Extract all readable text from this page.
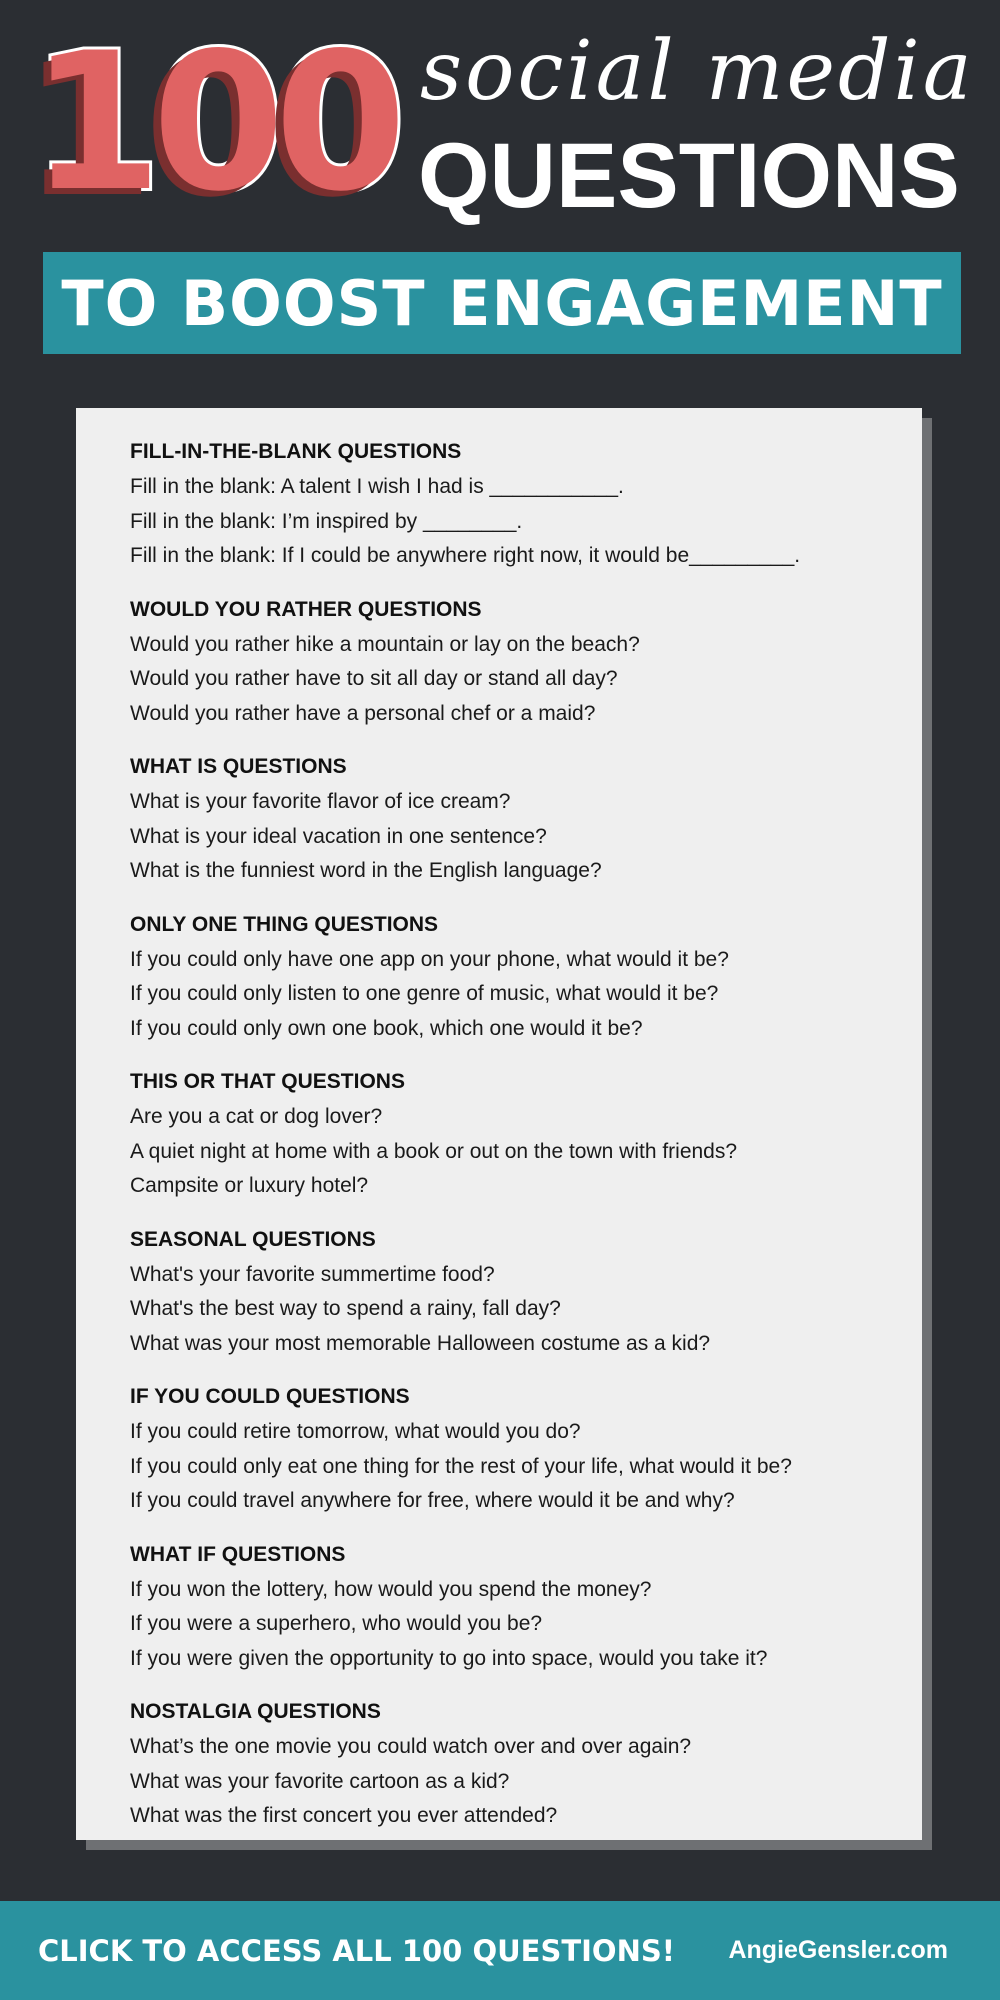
100 social media
QUESTIONS
TO BOOST ENGAGEMENT
FILL-IN-THE-BLANK QUESTIONS
Fill in the blank: A talent I wish I had is ___________.
Fill in the blank: I’m inspired by ________.
Fill in the blank: If I could be anywhere right now, it would be_________.
WOULD YOU RATHER QUESTIONS
Would you rather hike a mountain or lay on the beach?
Would you rather have to sit all day or stand all day?
Would you rather have a personal chef or a maid?
WHAT IS QUESTIONS
What is your favorite flavor of ice cream?
What is your ideal vacation in one sentence?
What is the funniest word in the English language?
ONLY ONE THING QUESTIONS
If you could only have one app on your phone, what would it be?
If you could only listen to one genre of music, what would it be?
If you could only own one book, which one would it be?
THIS OR THAT QUESTIONS
Are you a cat or dog lover?
A quiet night at home with a book or out on the town with friends?
Campsite or luxury hotel?
SEASONAL QUESTIONS
What's your favorite summertime food?
What's the best way to spend a rainy, fall day?
What was your most memorable Halloween costume as a kid?
IF YOU COULD QUESTIONS
If you could retire tomorrow, what would you do?
If you could only eat one thing for the rest of your life, what would it be?
If you could travel anywhere for free, where would it be and why?
WHAT IF QUESTIONS
If you won the lottery, how would you spend the money?
If you were a superhero, who would you be?
If you were given the opportunity to go into space, would you take it?
NOSTALGIA QUESTIONS
What’s the one movie you could watch over and over again?
What was your favorite cartoon as a kid?
What was the first concert you ever attended?
CLICK TO ACCESS ALL 100 QUESTIONS! AngieGensler.com
